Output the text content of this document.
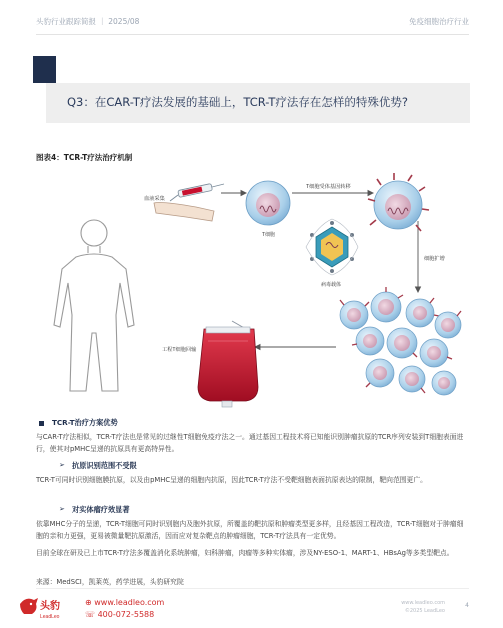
头豹行业跟踪简报 ｜ 2025/08	免疫细胞治疗行业
Q3：在CAR-T疗法发展的基础上，TCR-T疗法存在怎样的特殊优势?
图表4：TCR-T疗法治疗机制
血液采集
T细胞受体基因转移
细胞扩增
工程T细胞回输
T细胞
病毒载体
TCR-T治疗方案优势
与CAR-T疗法相似，TCR-T疗法也是常见的过继性T细胞免疫疗法之一。通过基因工程技术将已知能识别肿瘤抗原的TCR序列安装到T细胞表面进行，使其对pMHC呈递的抗原具有更高特异性。
➢ 抗原识别范围不受限
TCR-T可同时识别细胞膜抗原，以及由pMHC呈递的细胞内抗原，因此TCR-T疗法不受靶细胞表面抗原表达的限制，靶向范围更广。
➢ 对实体瘤疗效显著
依靠MHC分子的呈递，TCR-T细胞可同时识别胞内及胞外抗原，所覆盖的靶抗原和肿瘤类型更多样，且经基因工程改造，TCR-T细胞对于肿瘤细胞的亲和力更强，更易被微量靶抗原激活，因而应对复杂靶点的肿瘤细胞，TCR-T疗法具有一定优势。
目前全球在研及已上市TCR-T疗法多覆盖消化系统肿瘤，妇科肿瘤，肉瘤等多种实体瘤，涉及NY-ESO-1、MART-1、HBsAg等多类型靶点。
来源：MedSCI，凯莱英，药学进展，头豹研究院
头豹
LeadLeo
⊕ www.leadleo.com
☏ 400-072-5588
www.leadleo.com
©2025 LeadLeo
4
